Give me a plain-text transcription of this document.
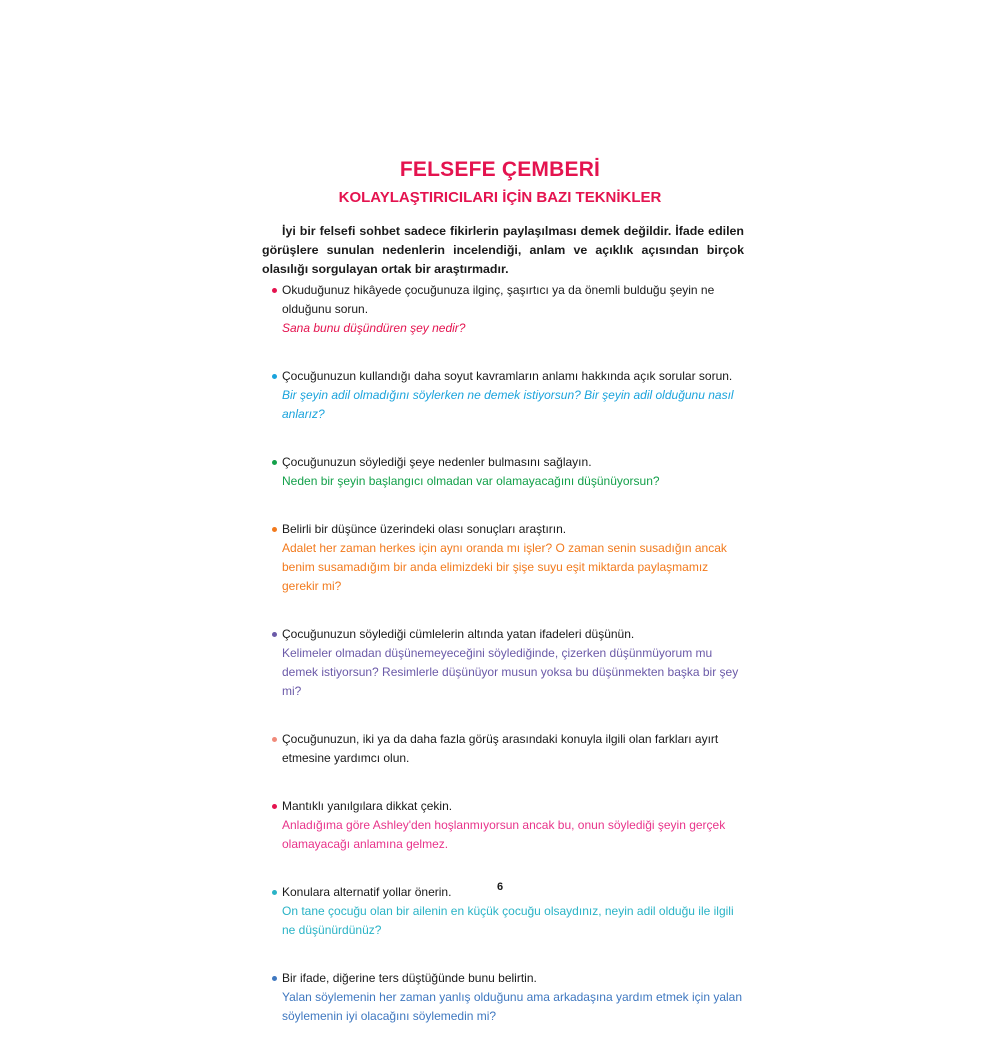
FELSEFE ÇEMBERİ
KOLAYLAŞTIRICILARI İÇİN BAZI TEKNİKLER
İyi bir felsefi sohbet sadece fikirlerin paylaşılması demek değildir. İfade edilen görüşlere sunulan nedenlerin incelendiği, anlam ve açıklık açısından birçok olasılığı sorgulayan ortak bir araştırmadır.
Okuduğunuz hikâyede çocuğunuza ilginç, şaşırtıcı ya da önemli bulduğu şeyin ne olduğunu sorun.
Sana bunu düşündüren şey nedir?
Çocuğunuzun kullandığı daha soyut kavramların anlamı hakkında açık sorular sorun.
Bir şeyin adil olmadığını söylerken ne demek istiyorsun? Bir şeyin adil olduğunu nasıl anlarız?
Çocuğunuzun söylediği şeye nedenler bulmasını sağlayın.
Neden bir şeyin başlangıcı olmadan var olamayacağını düşünüyorsun?
Belirli bir düşünce üzerindeki olası sonuçları araştırın.
Adalet her zaman herkes için aynı oranda mı işler? O zaman senin susadığın ancak benim susamadığım bir anda elimizdeki bir şişe suyu eşit miktarda paylaşmamız gerekir mi?
Çocuğunuzun söylediği cümlelerin altında yatan ifadeleri düşünün.
Kelimeler olmadan düşünemeyeceğini söylediğinde, çizerken düşünmüyorum mu demek istiyorsun? Resimlerle düşünüyor musun yoksa bu düşünmekten başka bir şey mi?
Çocuğunuzun, iki ya da daha fazla görüş arasındaki konuyla ilgili olan farkları ayırt etmesine yardımcı olun.
Mantıklı yanılgılara dikkat çekin.
Anladığıma göre Ashley'den hoşlanmıyorsun ancak bu, onun söylediği şeyin gerçek olamayacağı anlamına gelmez.
Konulara alternatif yollar önerin.
On tane çocuğu olan bir ailenin en küçük çocuğu olsaydınız, neyin adil olduğu ile ilgili ne düşünürdünüz?
Bir ifade, diğerine ters düştüğünde bunu belirtin.
Yalan söylemenin her zaman yanlış olduğunu ama arkadaşına yardım etmek için yalan söylemenin iyi olacağını söylemedin mi?
6
